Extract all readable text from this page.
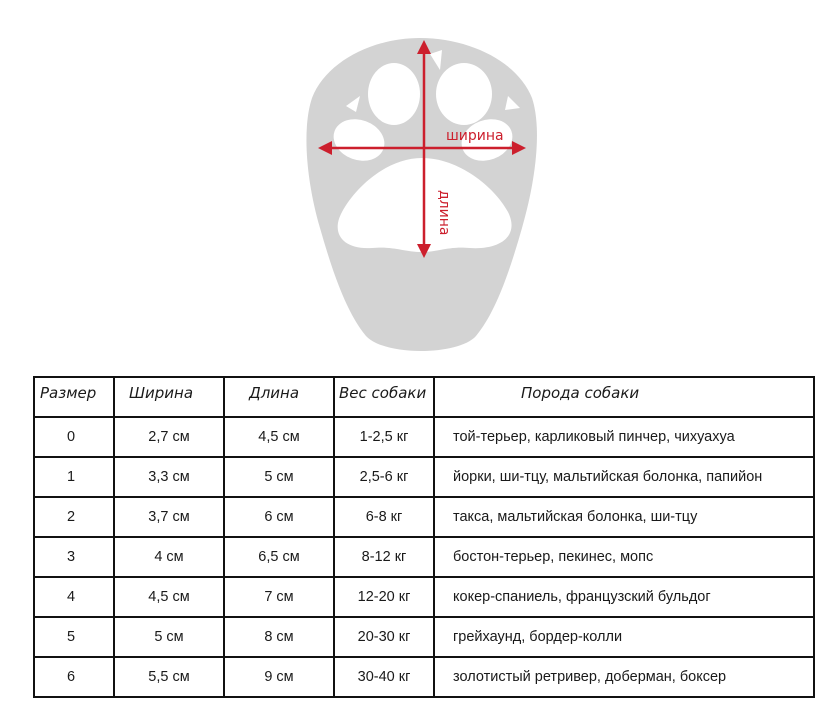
ширина
длина
Размер	Ширина	Длина	Вес собаки	Порода собаки
0	2,7 см	4,5 см	1-2,5 кг	той-терьер, карликовый пинчер, чихуахуа
1	3,3 см	5 см	2,5-6 кг	йорки, ши-тцу, мальтийская болонка, папийон
2	3,7 см	6 см	6-8 кг	такса, мальтийская болонка, ши-тцу
3	4 см	6,5 см	8-12 кг	бостон-терьер, пекинес, мопс
4	4,5 см	7 см	12-20 кг	кокер-спаниель, французский бульдог
5	5 см	8 см	20-30 кг	грейхаунд, бордер-колли
6	5,5 см	9 см	30-40 кг	золотистый ретривер, доберман, боксер
